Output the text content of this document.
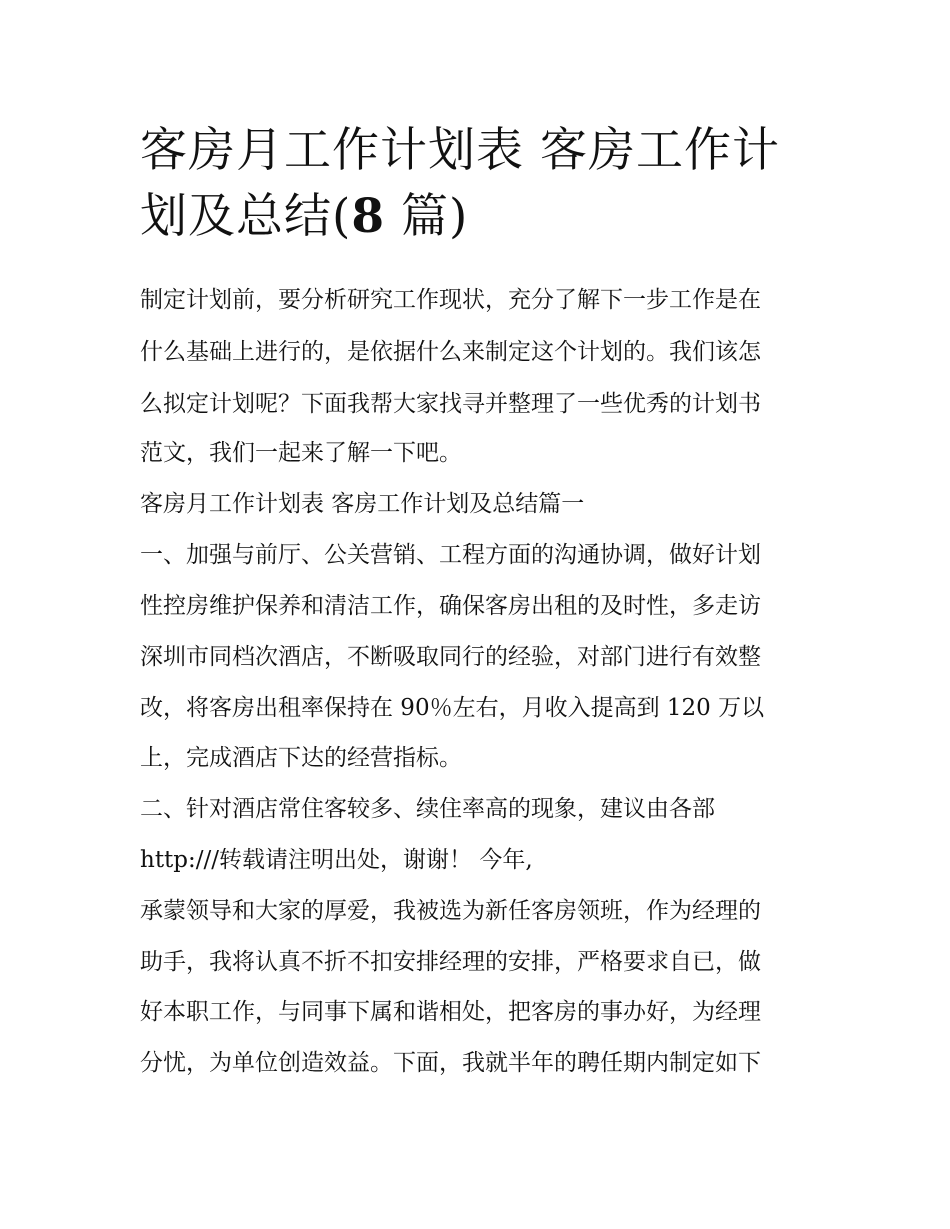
客房月工作计划表 客房工作计划及总结(8 篇)

制定计划前，要分析研究工作现状，充分了解下一步工作是在

什么基础上进行的，是依据什么来制定这个计划的。我们该怎

么拟定计划呢？下面我帮大家找寻并整理了一些优秀的计划书

范文，我们一起来了解一下吧。

客房月工作计划表 客房工作计划及总结篇一

一、加强与前厅、公关营销、工程方面的沟通协调，做好计划

性控房维护保养和清洁工作，确保客房出租的及时性，多走访

深圳市同档次酒店，不断吸取同行的经验，对部门进行有效整

改，将客房出租率保持在 90％左右，月收入提高到 120 万以

上，完成酒店下达的经营指标。

二、针对酒店常住客较多、续住率高的现象，建议由各部

http:///转载请注明出处，谢谢！ 今年,

承蒙领导和大家的厚爱，我被选为新任客房领班，作为经理的

助手，我将认真不折不扣安排经理的安排，严格要求自已，做

好本职工作，与同事下属和谐相处，把客房的事办好，为经理

分忧，为单位创造效益。下面，我就半年的聘任期内制定如下
